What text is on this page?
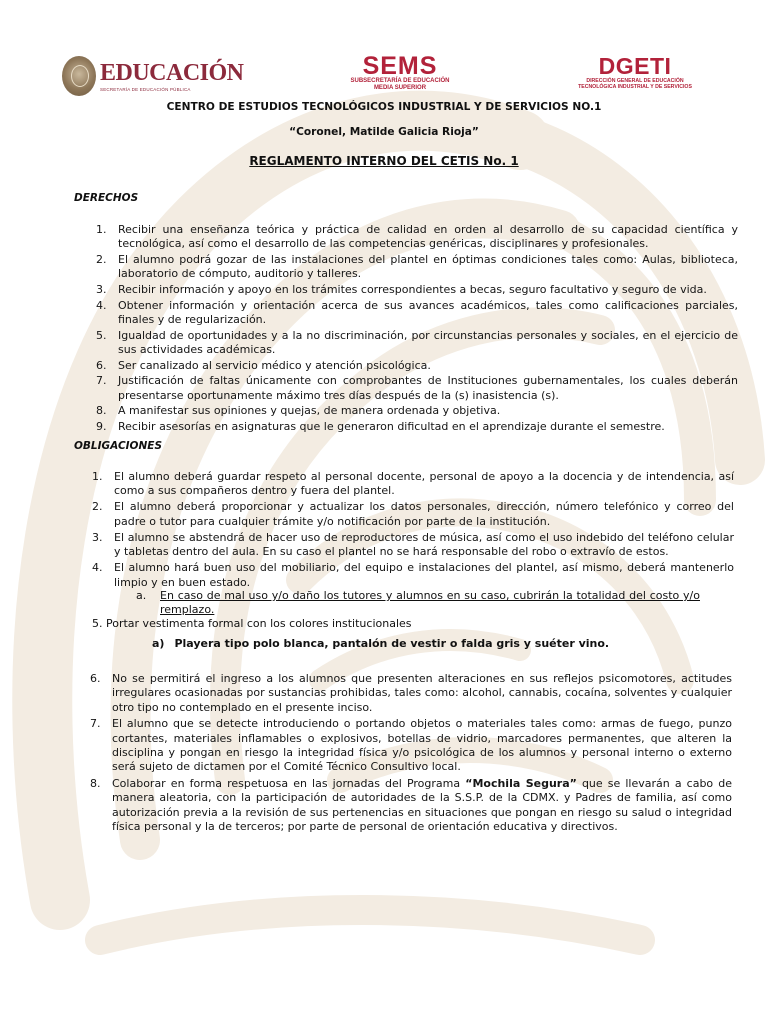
EDUCACIÓN
SECRETARÍA DE EDUCACIÓN PÚBLICA
SEMS
SUBSECRETARÍA DE EDUCACIÓN
MEDIA SUPERIOR
DGETI
DIRECCIÓN GENERAL DE EDUCACIÓN
TECNOLÓGICA INDUSTRIAL Y DE SERVICIOS
CENTRO DE ESTUDIOS TECNOLÓGICOS INDUSTRIAL Y DE SERVICIOS NO.1
“Coronel, Matilde Galicia Rioja”
REGLAMENTO INTERNO DEL CETIS No. 1
DERECHOS
1. Recibir una enseñanza teórica y práctica de calidad en orden al desarrollo de su capacidad científica y tecnológica, así como el desarrollo de las competencias genéricas, disciplinares y profesionales.
2. El alumno podrá gozar de las instalaciones del plantel en óptimas condiciones tales como: Aulas, biblioteca, laboratorio de cómputo, auditorio y talleres.
3. Recibir información y apoyo en los trámites correspondientes a becas, seguro facultativo y seguro de vida.
4. Obtener información y orientación acerca de sus avances académicos, tales como calificaciones parciales, finales y de regularización.
5. Igualdad de oportunidades y a la no discriminación, por circunstancias personales y sociales, en el ejercicio de sus actividades académicas.
6. Ser canalizado al servicio médico y atención psicológica.
7. Justificación de faltas únicamente con comprobantes de Instituciones gubernamentales, los cuales deberán presentarse oportunamente máximo tres días después de la (s) inasistencia (s).
8. A manifestar sus opiniones y quejas, de manera ordenada y objetiva.
9. Recibir asesorías en asignaturas que le generaron dificultad en el aprendizaje durante el semestre.
OBLIGACIONES
1. El alumno deberá guardar respeto al personal docente, personal de apoyo a la docencia y de intendencia, así como a sus compañeros dentro y fuera del plantel.
2. El alumno deberá proporcionar y actualizar los datos personales, dirección, número telefónico y correo del padre o tutor para cualquier trámite y/o notificación por parte de la institución.
3. El alumno se abstendrá de hacer uso de reproductores de música, así como el uso indebido del teléfono celular y tabletas dentro del aula. En su caso el plantel no se hará responsable del robo o extravío de estos.
4. El alumno hará buen uso del mobiliario, del equipo e instalaciones del plantel, así mismo, deberá mantenerlo limpio y en buen estado.
a. En caso de mal uso y/o daño los tutores y alumnos en su caso, cubrirán la totalidad del costo y/o remplazo.
5. Portar vestimenta formal con los colores institucionales
a) Playera tipo polo blanca, pantalón de vestir o falda gris y suéter vino.
6. No se permitirá el ingreso a los alumnos que presenten alteraciones en sus reflejos psicomotores, actitudes irregulares ocasionadas por sustancias prohibidas, tales como: alcohol, cannabis, cocaína, solventes y cualquier otro tipo no contemplado en el presente inciso.
7. El alumno que se detecte introduciendo o portando objetos o materiales tales como: armas de fuego, punzo cortantes, materiales inflamables o explosivos, botellas de vidrio, marcadores permanentes, que alteren la disciplina y pongan en riesgo la integridad física y/o psicológica de los alumnos y personal interno o externo será sujeto de dictamen por el Comité Técnico Consultivo local.
8. Colaborar en forma respetuosa en las jornadas del Programa “Mochila Segura” que se llevarán a cabo de manera aleatoria, con la participación de autoridades de la S.S.P. de la CDMX. y Padres de familia, así como autorización previa a la revisión de sus pertenencias en situaciones que pongan en riesgo su salud o integridad física personal y la de terceros; por parte de personal de orientación educativa y directivos.
